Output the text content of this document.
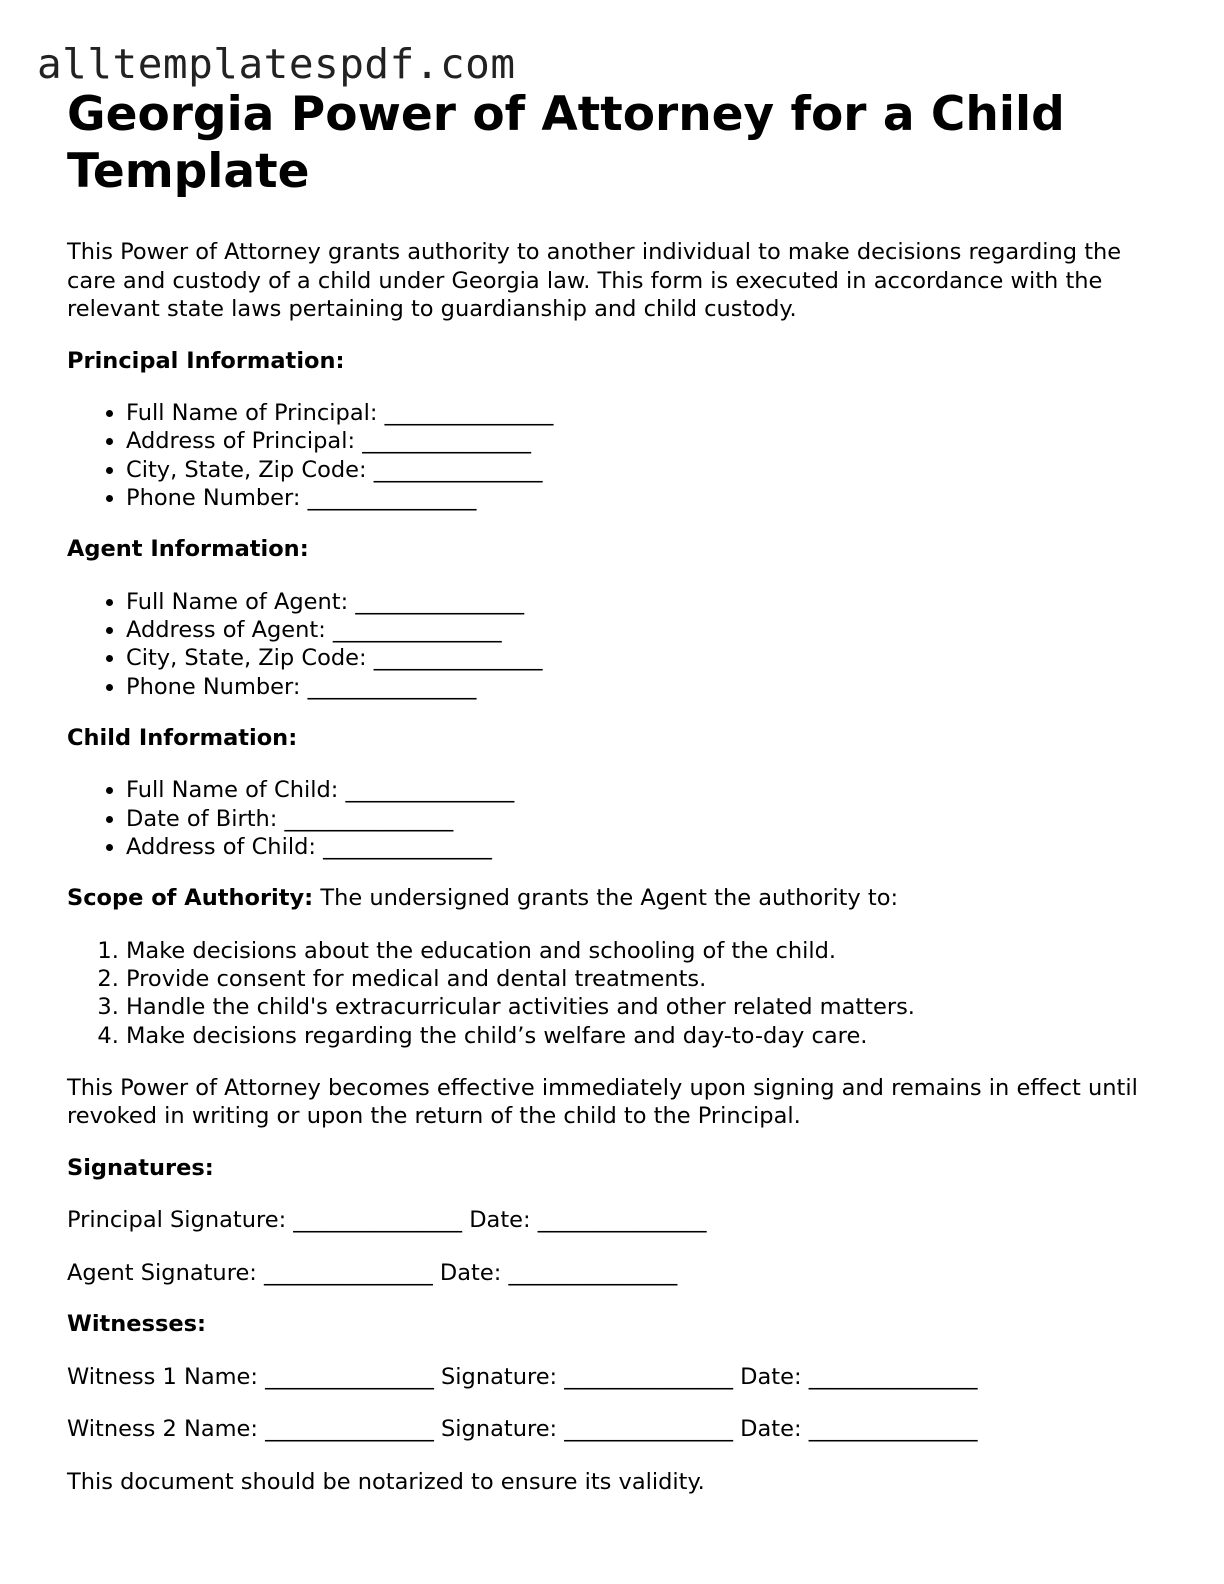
alltemplatespdf.com
Georgia Power of Attorney for a Child Template

This Power of Attorney grants authority to another individual to make decisions regarding the care and custody of a child under Georgia law. This form is executed in accordance with the relevant state laws pertaining to guardianship and child custody.

Principal Information:

• Full Name of Principal: _______________
• Address of Principal: _______________
• City, State, Zip Code: _______________
• Phone Number: _______________

Agent Information:

• Full Name of Agent: _______________
• Address of Agent: _______________
• City, State, Zip Code: _______________
• Phone Number: _______________

Child Information:

• Full Name of Child: _______________
• Date of Birth: _______________
• Address of Child: _______________

Scope of Authority: The undersigned grants the Agent the authority to:

1. Make decisions about the education and schooling of the child.
2. Provide consent for medical and dental treatments.
3. Handle the child's extracurricular activities and other related matters.
4. Make decisions regarding the child’s welfare and day-to-day care.

This Power of Attorney becomes effective immediately upon signing and remains in effect until revoked in writing or upon the return of the child to the Principal.

Signatures:

Principal Signature: _______________ Date: _______________

Agent Signature: _______________ Date: _______________

Witnesses:

Witness 1 Name: _______________ Signature: _______________ Date: _______________

Witness 2 Name: _______________ Signature: _______________ Date: _______________

This document should be notarized to ensure its validity.
